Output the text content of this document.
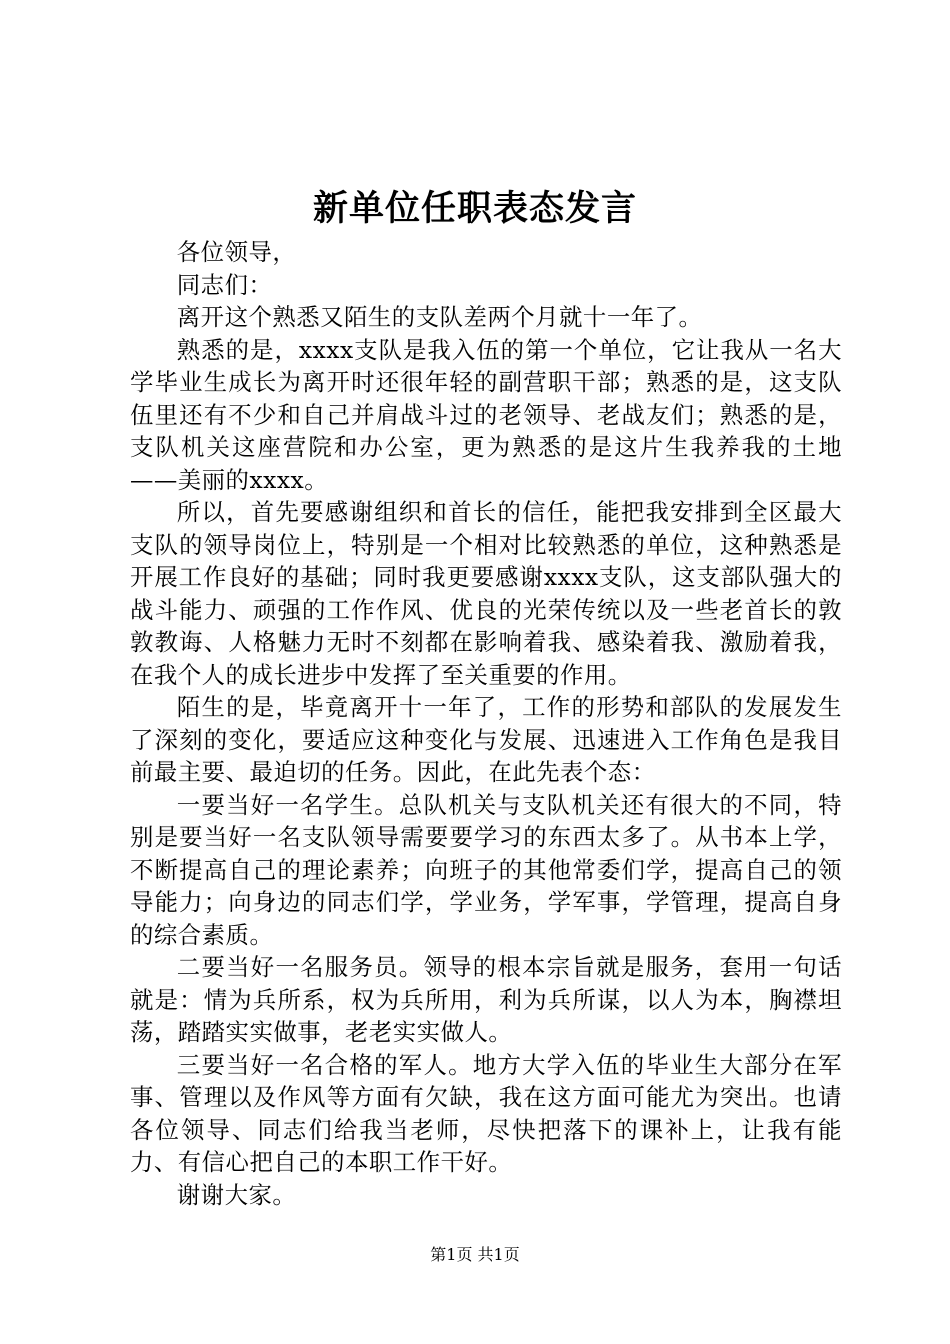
新单位任职表态发言

各位领导，

同志们：

离开这个熟悉又陌生的支队差两个月就十一年了。

熟悉的是，xxxx支队是我入伍的第一个单位，它让我从一名大学毕业生成长为离开时还很年轻的副营职干部；熟悉的是，这支队伍里还有不少和自己并肩战斗过的老领导、老战友们；熟悉的是，支队机关这座营院和办公室，更为熟悉的是这片生我养我的土地——美丽的xxxx。

所以，首先要感谢组织和首长的信任，能把我安排到全区最大支队的领导岗位上，特别是一个相对比较熟悉的单位，这种熟悉是开展工作良好的基础；同时我更要感谢xxxx支队，这支部队强大的战斗能力、顽强的工作作风、优良的光荣传统以及一些老首长的敦敦教诲、人格魅力无时不刻都在影响着我、感染着我、激励着我，在我个人的成长进步中发挥了至关重要的作用。

陌生的是，毕竟离开十一年了，工作的形势和部队的发展发生了深刻的变化，要适应这种变化与发展、迅速进入工作角色是我目前最主要、最迫切的任务。因此，在此先表个态：

一要当好一名学生。总队机关与支队机关还有很大的不同，特别是要当好一名支队领导需要要学习的东西太多了。从书本上学，不断提高自己的理论素养；向班子的其他常委们学，提高自己的领导能力；向身边的同志们学，学业务，学军事，学管理，提高自身的综合素质。

二要当好一名服务员。领导的根本宗旨就是服务，套用一句话就是：情为兵所系，权为兵所用，利为兵所谋，以人为本，胸襟坦荡，踏踏实实做事，老老实实做人。

三要当好一名合格的军人。地方大学入伍的毕业生大部分在军事、管理以及作风等方面有欠缺，我在这方面可能尤为突出。也请各位领导、同志们给我当老师，尽快把落下的课补上，让我有能力、有信心把自己的本职工作干好。

谢谢大家。

第1页 共1页
